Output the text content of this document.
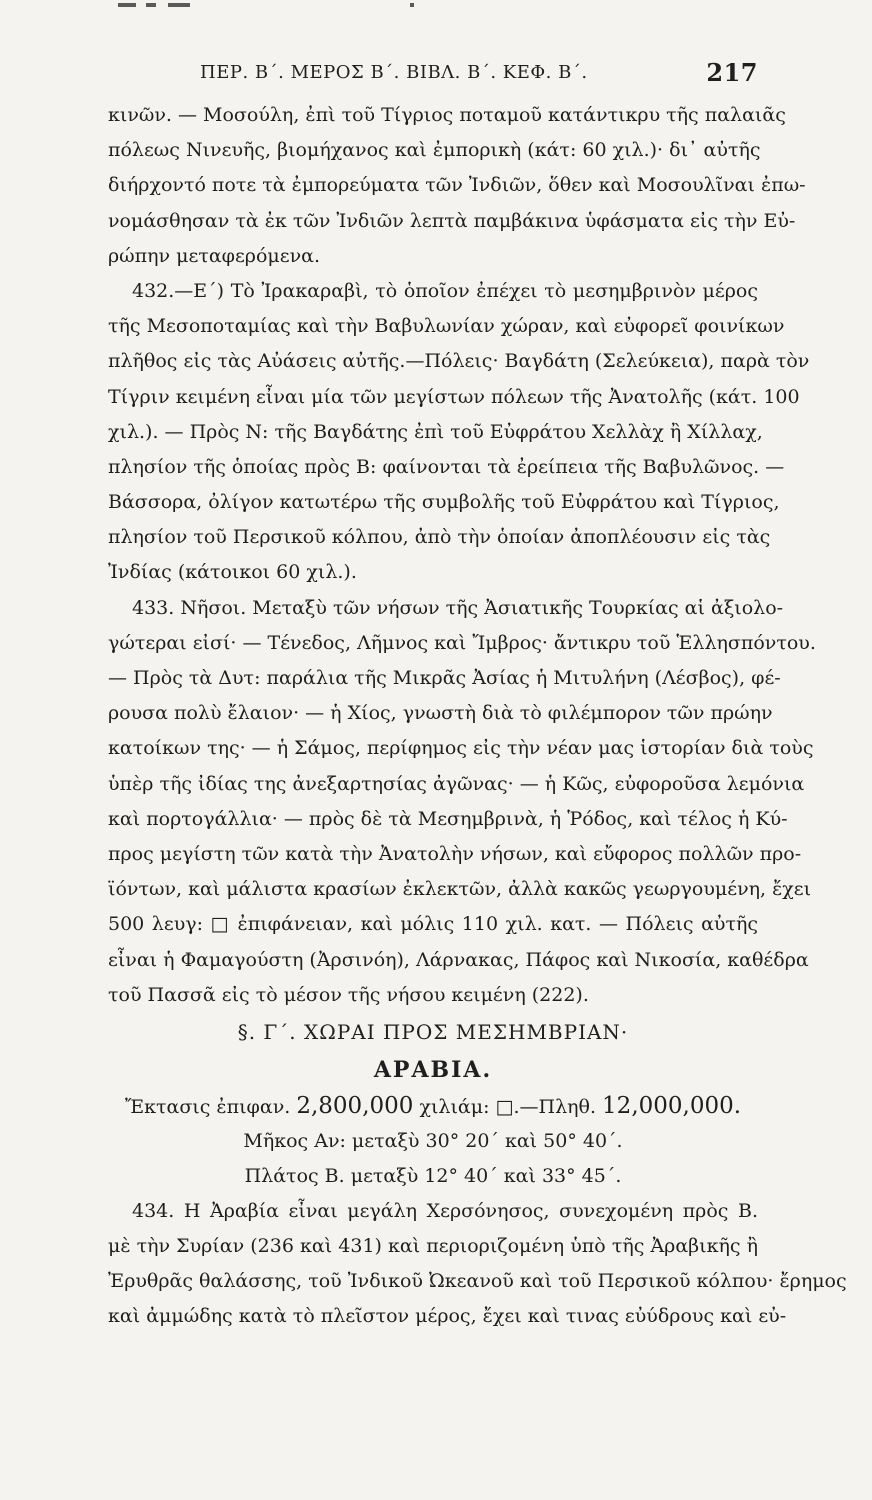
ΠΕΡ. Β΄. ΜΕΡΟΣ Β΄. ΒΙΒΛ. Β΄. ΚΕΦ. Β΄.	217
κινῶν. — Μοσούλη, ἐπὶ τοῦ Τίγριος ποταμοῦ κατάντικρυ τῆς παλαιᾶς
πόλεως Νινευῆς, βιομήχανος καὶ ἐμπορικὴ (κάτ: 60 χιλ.)· δι᾽ αὐτῆς
διήρχοντό ποτε τὰ ἐμπορεύματα τῶν Ἰνδιῶν, ὅθεν καὶ Μοσουλῖναι ἐπω-
νομάσθησαν τὰ ἐκ τῶν Ἰνδιῶν λεπτὰ παμβάκινα ὑφάσματα εἰς τὴν Εὐ-
ρώπην μεταφερόμενα.
432.—Ε΄) Τὸ Ἰρακαραβὶ, τὸ ὁποῖον ἐπέχει τὸ μεσημβρινὸν μέρος
τῆς Μεσοποταμίας καὶ τὴν Βαβυλωνίαν χώραν, καὶ εὐφορεῖ φοινίκων
πλῆθος εἰς τὰς Αὐάσεις αὐτῆς.—Πόλεις· Βαγδάτη (Σελεύκεια), παρὰ τὸν
Τίγριν κειμένη εἶναι μία τῶν μεγίστων πόλεων τῆς Ἀνατολῆς (κάτ. 100
χιλ.). — Πρὸς Ν: τῆς Βαγδάτης ἐπὶ τοῦ Εὐφράτου Χελλὰχ ἢ Χίλλαχ,
πλησίον τῆς ὁποίας πρὸς Β: φαίνονται τὰ ἐρείπεια τῆς Βαβυλῶνος. —
Βάσσορα, ὀλίγον κατωτέρω τῆς συμβολῆς τοῦ Εὐφράτου καὶ Τίγριος,
πλησίον τοῦ Περσικοῦ κόλπου, ἀπὸ τὴν ὁποίαν ἀποπλέουσιν εἰς τὰς
Ἰνδίας (κάτοικοι 60 χιλ.).
433. Νῆσοι. Μεταξὺ τῶν νήσων τῆς Ἀσιατικῆς Τουρκίας αἱ ἀξιολο-
γώτεραι εἰσί· — Τένεδος, Λῆμνος καὶ Ἴμβρος· ἄντικρυ τοῦ Ἑλλησπόντου.
— Πρὸς τὰ Δυτ: παράλια τῆς Μικρᾶς Ἀσίας ἡ Μιτυλήνη (Λέσβος), φέ-
ρουσα πολὺ ἔλαιον· — ἡ Χίος, γνωστὴ διὰ τὸ φιλέμπορον τῶν πρώην
κατοίκων της· — ἡ Σάμος, περίφημος εἰς τὴν νέαν μας ἱστορίαν διὰ τοὺς
ὑπὲρ τῆς ἰδίας της ἀνεξαρτησίας ἀγῶνας· — ἡ Κῶς, εὐφοροῦσα λεμόνια
καὶ πορτογάλλια· — πρὸς δὲ τὰ Μεσημβρινὰ, ἡ Ῥόδος, καὶ τέλος ἡ Κύ-
προς μεγίστη τῶν κατὰ τὴν Ἀνατολὴν νήσων, καὶ εὔφορος πολλῶν προ-
ϊόντων, καὶ μάλιστα κρασίων ἐκλεκτῶν, ἀλλὰ κακῶς γεωργουμένη, ἔχει
500 λευγ: □ ἐπιφάνειαν, καὶ μόλις 110 χιλ. κατ. — Πόλεις αὐτῆς
εἶναι ἡ Φαμαγούστη (Ἀρσινόη), Λάρνακας, Πάφος καὶ Νικοσία, καθέδρα
τοῦ Πασσᾶ εἰς τὸ μέσον τῆς νήσου κειμένη (222).
§. Γ΄. ΧΩΡΑΙ ΠΡΟΣ ΜΕΣΗΜΒΡΙΑΝ·
ΑΡΑΒΙΑ.
Ἔκτασις ἐπιφαν. 2,800,000 χιλιάμ: □.—Πληθ. 12,000,000.
Μῆκος Αν: μεταξὺ 30° 20΄ καὶ 50° 40΄.
Πλάτος Β. μεταξὺ 12° 40΄ καὶ 33° 45΄.
434. Η Ἀραβία εἶναι μεγάλη Χερσόνησος, συνεχομένη πρὸς Β.
μὲ τὴν Συρίαν (236 καὶ 431) καὶ περιοριζομένη ὑπὸ τῆς Ἀραβικῆς ἢ
Ἐρυθρᾶς θαλάσσης, τοῦ Ἰνδικοῦ Ὠκεανοῦ καὶ τοῦ Περσικοῦ κόλπου· ἔρημος
καὶ ἀμμώδης κατὰ τὸ πλεῖστον μέρος, ἔχει καὶ τινας εὐύδρους καὶ εὐ-
